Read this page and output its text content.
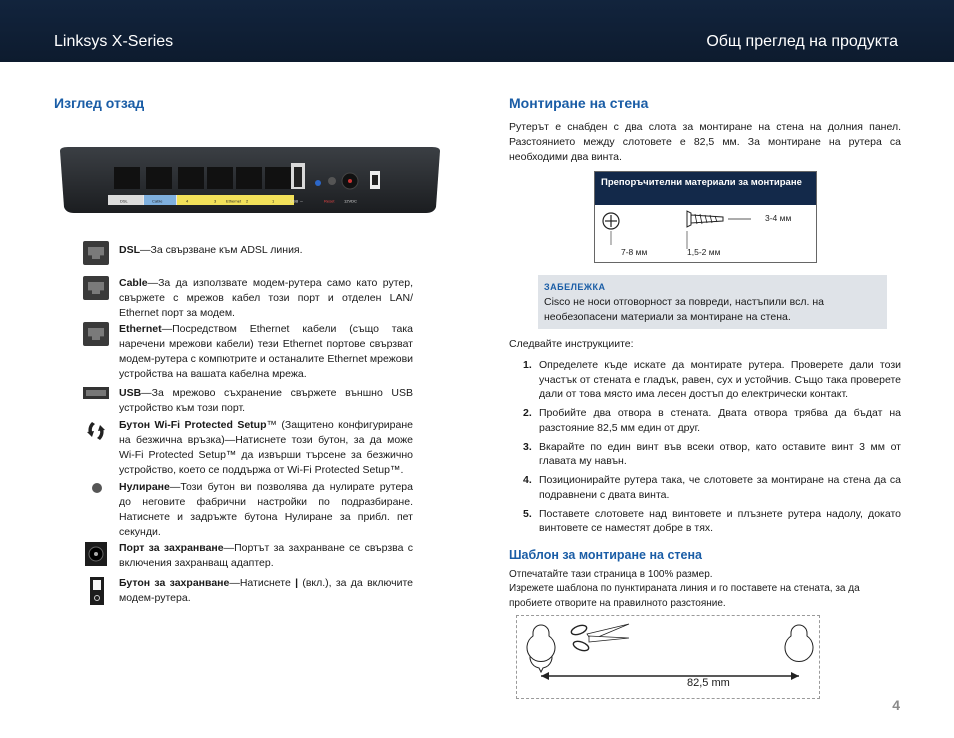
Linksys X-Series	Общ преглед на продукта
Изглед отзад
DSL	Cable	4	3 Ethernet 2	1	USB ⇔	Reset 12VDC
DSL—За свързване към ADSL линия.
Cable—За да използвате модем-рутера само като рутер, свържете с мрежов кабел този порт и отделен LAN/ Ethernet порт за модем.
Ethernet—Посредством Ethernet кабели (също така наречени мрежови кабели) тези Ethernet портове свързват модем-рутера с компютрите и останалите Ethernet мрежови устройства на вашата кабелна мрежа.
USB—За мрежово съхранение свържете външно USB устройство към този порт.
Бутон Wi-Fi Protected Setup™ (Защитено конфигуриране на безжична връзка)—Натиснете този бутон, за да може Wi-Fi Protected Setup™ да извърши търсене за безжично устройство, което се поддържа от Wi-Fi Protected Setup™.
Нулиране—Този бутон ви позволява да нулирате рутера до неговите фабрични настройки по подразбиране. Натиснете и задръжте бутона Нулиране за прибл. пет секунди.
Порт за захранване—Портът за захранване се свързва с включения захранващ адаптер.
Бутон за захранване—Натиснете | (вкл.), за да включите модем-рутера.
Монтиране на стена
Рутерът е снабден с два слота за монтиране на стена на долния панел. Разстоянието между слотовете е 82,5 мм. За монтиране на рутера са необходими два винта.
Препоръчителни материали за монтиране
7-8 мм	1,5-2 мм
3-4 мм
ЗАБЕЛЕЖКА
Cisco не носи отговорност за повреди, настъпили вс​л. на необезопасени материали за монтиране на стена.
Следвайте инструкциите:
1. Определете къде искате да монтирате рутера. Проверете дали този участък от стената е гладък, равен, сух и устойчив. Също така проверете дали от това място има лесен достъп до електрически контакт.
2. Пробийте два отвора в стената. Двата отвора трябва да бъдат на разстояние 82,5 мм един от друг.
3. Вкарайте по един винт във всеки отвор, като оставите винт 3 мм от главата му навън.
4. Позиционирайте рутера така, че слотовете за монтиране на стена да са подравнени с двата винта.
5. Поставете слотовете над винтовете и плъзнете рутера надолу, докато винтовете се наместят добре в тях.
Шаблон за монтиране на стена
Отпечатайте тази страница в 100% размер.
Изрежете шаблона по пунктираната линия и го поставете на стената, за да пробиете отворите на правилното разстояние.
82,5 mm
4
